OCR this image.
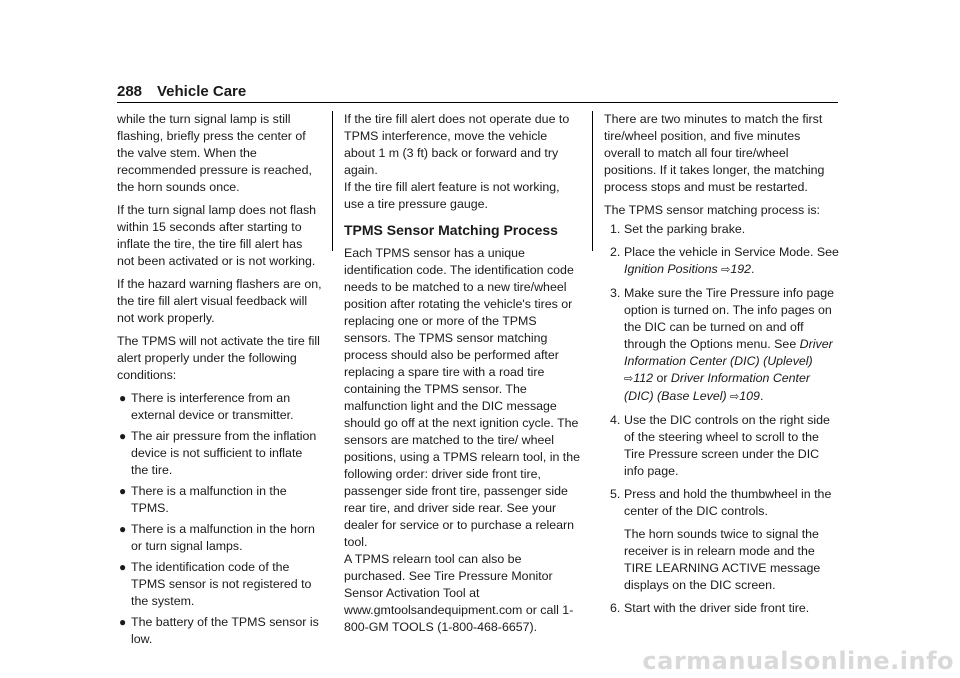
288 Vehicle Care

while the turn signal lamp is still flashing, briefly press the center of the valve stem. When the recommended pressure is reached, the horn sounds once.

If the turn signal lamp does not flash within 15 seconds after starting to inflate the tire, the tire fill alert has not been activated or is not working.

If the hazard warning flashers are on, the tire fill alert visual feedback will not work properly.

The TPMS will not activate the tire fill alert properly under the following conditions:

● There is interference from an external device or transmitter.
● The air pressure from the inflation device is not sufficient to inflate the tire.
● There is a malfunction in the TPMS.
● There is a malfunction in the horn or turn signal lamps.
● The identification code of the TPMS sensor is not registered to the system.
● The battery of the TPMS sensor is low.

If the tire fill alert does not operate due to TPMS interference, move the vehicle about 1 m (3 ft) back or forward and try again.

If the tire fill alert feature is not working, use a tire pressure gauge.

TPMS Sensor Matching Process

Each TPMS sensor has a unique identification code. The identification code needs to be matched to a new tire/wheel position after rotating the vehicle's tires or replacing one or more of the TPMS sensors. The TPMS sensor matching process should also be performed after replacing a spare tire with a road tire containing the TPMS sensor. The malfunction light and the DIC message should go off at the next ignition cycle. The sensors are matched to the tire/ wheel positions, using a TPMS relearn tool, in the following order: driver side front tire, passenger side front tire, passenger side rear tire, and driver side rear. See your dealer for service or to purchase a relearn tool.

A TPMS relearn tool can also be purchased. See Tire Pressure Monitor Sensor Activation Tool at www.gmtoolsandequipment.com or call 1-800-GM TOOLS (1-800-468-6657).

There are two minutes to match the first tire/wheel position, and five minutes overall to match all four tire/wheel positions. If it takes longer, the matching process stops and must be restarted.

The TPMS sensor matching process is:

1. Set the parking brake.
2. Place the vehicle in Service Mode. See Ignition Positions ⇨192.
3. Make sure the Tire Pressure info page option is turned on. The info pages on the DIC can be turned on and off through the Options menu. See Driver Information Center (DIC) (Uplevel) ⇨112 or Driver Information Center (DIC) (Base Level) ⇨109.
4. Use the DIC controls on the right side of the steering wheel to scroll to the Tire Pressure screen under the DIC info page.
5. Press and hold the thumbwheel in the center of the DIC controls.
The horn sounds twice to signal the receiver is in relearn mode and the TIRE LEARNING ACTIVE message displays on the DIC screen.
6. Start with the driver side front tire.
carmanualsonline.info
